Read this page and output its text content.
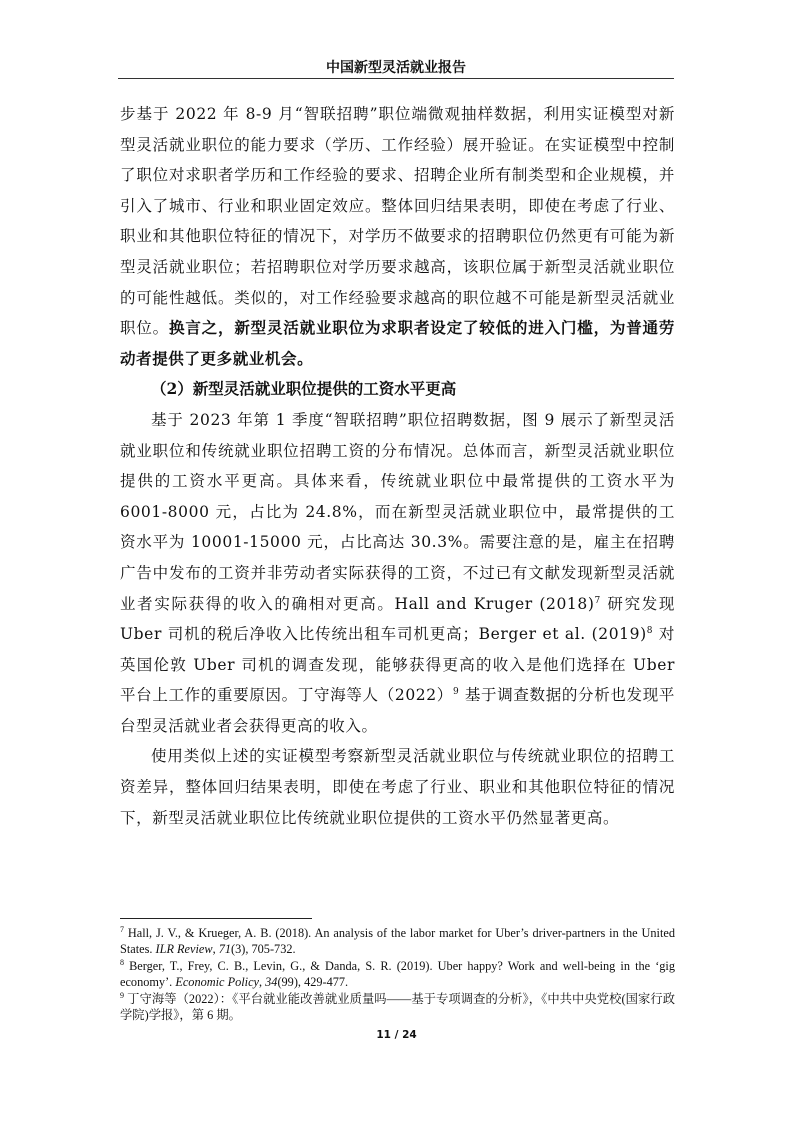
中国新型灵活就业报告

步基于 2022 年 8-9 月“智联招聘”职位端微观抽样数据，利用实证模型对新型灵活就业职位的能力要求（学历、工作经验）展开验证。在实证模型中控制了职位对求职者学历和工作经验的要求、招聘企业所有制类型和企业规模，并引入了城市、行业和职业固定效应。整体回归结果表明，即使在考虑了行业、职业和其他职位特征的情况下，对学历不做要求的招聘职位仍然更有可能为新型灵活就业职位；若招聘职位对学历要求越高，该职位属于新型灵活就业职位的可能性越低。类似的，对工作经验要求越高的职位越不可能是新型灵活就业职位。换言之，新型灵活就业职位为求职者设定了较低的进入门槛，为普通劳动者提供了更多就业机会。

（2）新型灵活就业职位提供的工资水平更高

基于 2023 年第 1 季度“智联招聘”职位招聘数据，图 9 展示了新型灵活就业职位和传统就业职位招聘工资的分布情况。总体而言，新型灵活就业职位提供的工资水平更高。具体来看，传统就业职位中最常提供的工资水平为 6001-8000 元，占比为 24.8%，而在新型灵活就业职位中，最常提供的工资水平为 10001-15000 元，占比高达 30.3%。需要注意的是，雇主在招聘广告中发布的工资并非劳动者实际获得的工资，不过已有文献发现新型灵活就业者实际获得的收入的确相对更高。Hall and Kruger $(2018)^7$ 研究发现 Uber 司机的税后净收入比传统出租车司机更高；Berger et al. $(2019)^8$ 对英国伦敦 Uber 司机的调查发现，能够获得更高的收入是他们选择在 Uber 平台上工作的重要原因。丁守海等人$(2022)^9$ 基于调查数据的分析也发现平台型灵活就业者会获得更高的收入。

使用类似上述的实证模型考察新型灵活就业职位与传统就业职位的招聘工资差异，整体回归结果表明，即使在考虑了行业、职业和其他职位特征的情况下，新型灵活就业职位比传统就业职位提供的工资水平仍然显著更高。

$^7$ Hall, J. V., & Krueger, A. B. (2018). An analysis of the labor market for Uber’s driver-partners in the United States. ILR Review, 71(3), 705-732.

$^8$ Berger, T., Frey, C. B., Levin, G., & Danda, S. R. (2019). Uber happy? Work and well-being in the ‘gig economy’. Economic Policy, 34(99), 429-477.

$^9$ 丁守海等（2022）：《平台就业能改善就业质量吗——基于专项调查的分析》，《中共中央党校(国家行政学院)学报》，第 6 期。

11 / 24
